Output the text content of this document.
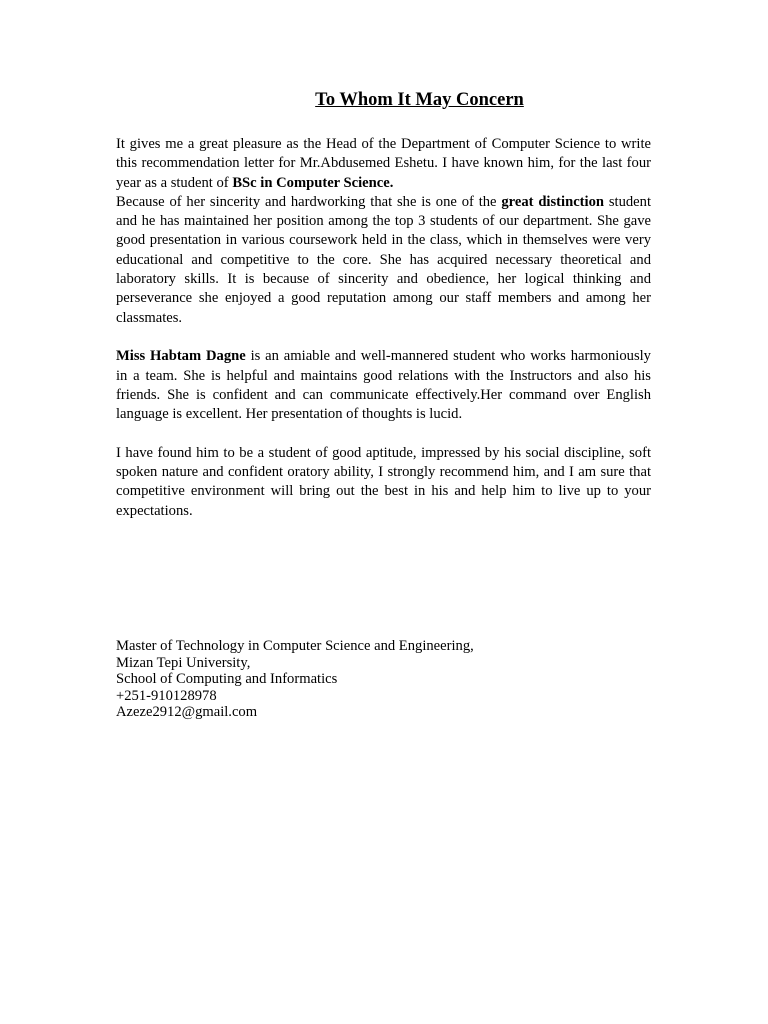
To Whom It May Concern

It gives me a great pleasure as the Head of the Department of Computer Science to write this recommendation letter for Mr.Abdusemed Eshetu. I have known him, for the last four year as a student of BSc in Computer Science.

Because of her sincerity and hardworking that she is one of the great distinction student and he has maintained her position among the top 3 students of our department. She gave good presentation in various coursework held in the class, which in themselves were very educational and competitive to the core. She has acquired necessary theoretical and laboratory skills. It is because of sincerity and obedience, her logical thinking and perseverance she enjoyed a good reputation among our staff members and among her classmates.

Miss Habtam Dagne is an amiable and well-mannered student who works harmoniously in a team. She is helpful and maintains good relations with the Instructors and also his friends. She is confident and can communicate effectively.Her command over English language is excellent. Her presentation of thoughts is lucid.

I have found him to be a student of good aptitude, impressed by his social discipline, soft spoken nature and confident oratory ability, I strongly recommend him, and I am sure that competitive environment will bring out the best in his and help him to live up to your expectations.

Master of Technology in Computer Science and Engineering,
Mizan Tepi University,
School of Computing and Informatics
+251-910128978
Azeze2912@gmail.com
